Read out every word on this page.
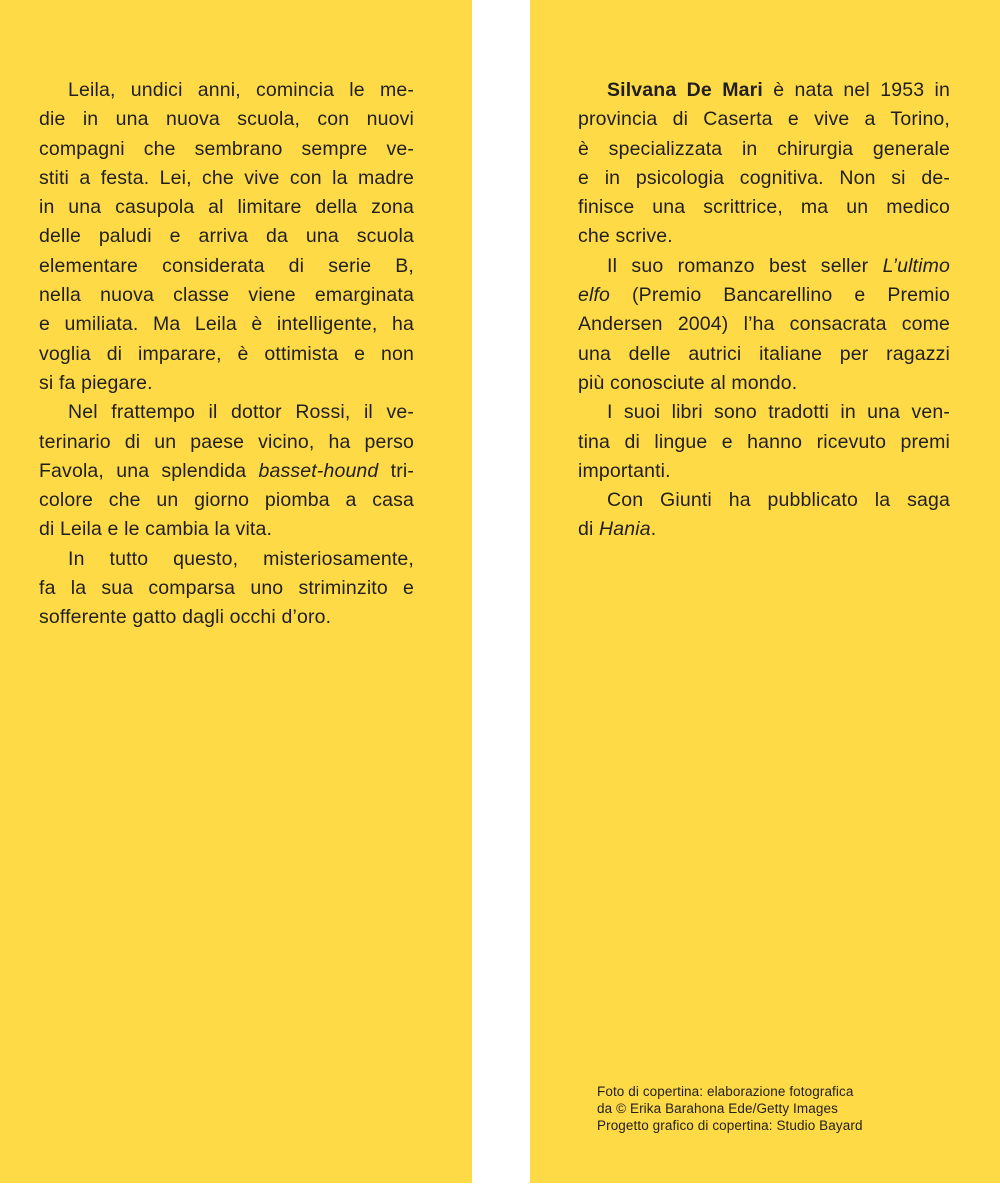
Leila, undici anni, comincia le me-
die in una nuova scuola, con nuovi
compagni che sembrano sempre ve-
stiti a festa. Lei, che vive con la madre
in una casupola al limitare della zona
delle paludi e arriva da una scuola
elementare considerata di serie B,
nella nuova classe viene emarginata
e umiliata. Ma Leila è intelligente, ha
voglia di imparare, è ottimista e non
si fa piegare.
Nel frattempo il dottor Rossi, il ve-
terinario di un paese vicino, ha perso
Favola, una splendida basset-hound tri-
colore che un giorno piomba a casa
di Leila e le cambia la vita.
In tutto questo, misteriosamente,
fa la sua comparsa uno striminzito e
sofferente gatto dagli occhi d’oro.
Silvana De Mari è nata nel 1953 in
provincia di Caserta e vive a Torino,
è specializzata in chirurgia generale
e in psicologia cognitiva. Non si de-
finisce una scrittrice, ma un medico
che scrive.
Il suo romanzo best seller L’ultimo
elfo (Premio Bancarellino e Premio
Andersen 2004) l’ha consacrata come
una delle autrici italiane per ragazzi
più conosciute al mondo.
I suoi libri sono tradotti in una ven-
tina di lingue e hanno ricevuto premi
importanti.
Con Giunti ha pubblicato la saga
di Hania.
Foto di copertina: elaborazione fotografica
da © Erika Barahona Ede/Getty Images
Progetto grafico di copertina: Studio Bayard
